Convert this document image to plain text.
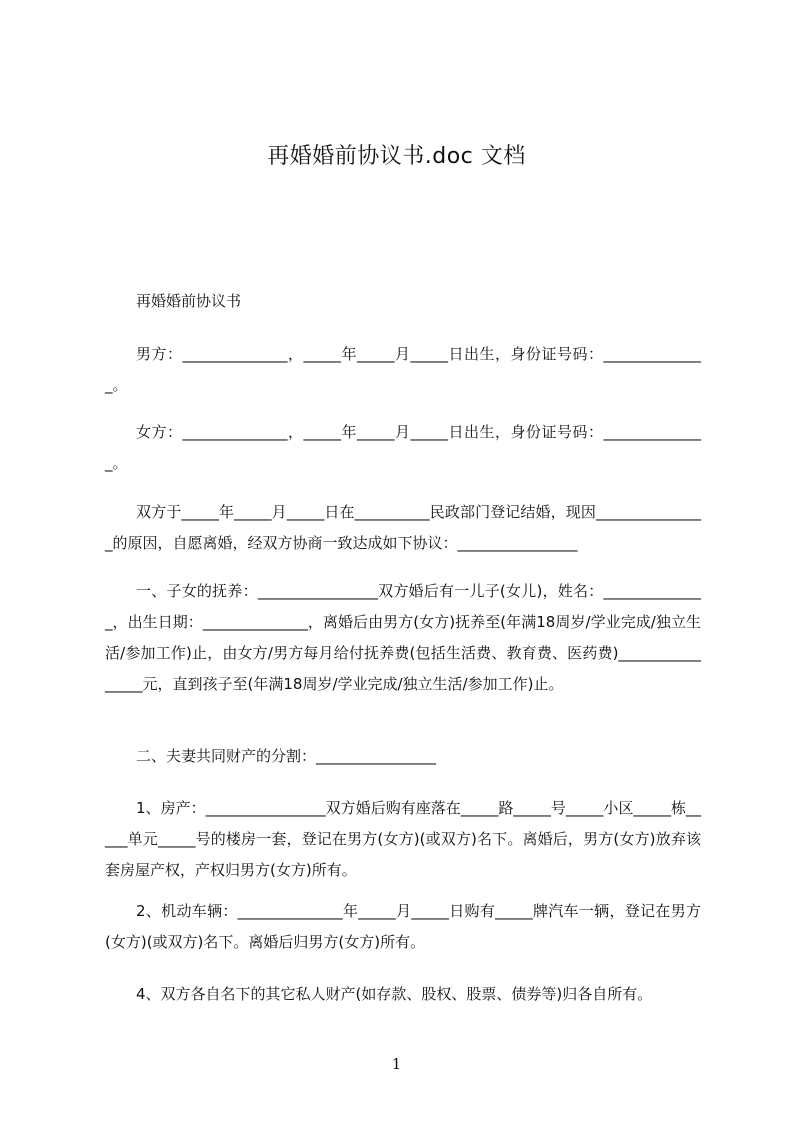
再婚婚前协议书.doc 文档

再婚婚前协议书

男方：______________，_____年_____月_____日出生，身份证号码：______________。

女方：______________，_____年_____月_____日出生，身份证号码：______________。

双方于_____年_____月_____日在__________民政部门登记结婚，现因_______________的原因，自愿离婚，经双方协商一致达成如下协议：________________

一、子女的抚养：________________双方婚后有一儿子(女儿)，姓名：______________，出生日期：______________，离婚后由男方(女方)抚养至(年满18周岁/学业完成/独立生活/参加工作)止，由女方/男方每月给付抚养费(包括生活费、教育费、医药费)________________元，直到孩子至(年满18周岁/学业完成/独立生活/参加工作)止。

二、夫妻共同财产的分割：________________

1、房产：________________双方婚后购有座落在_____路_____号_____小区_____栋_____单元_____号的楼房一套，登记在男方(女方)(或双方)名下。离婚后，男方(女方)放弃该套房屋产权，产权归男方(女方)所有。

2、机动车辆：______________年_____月_____日购有_____牌汽车一辆，登记在男方(女方)(或双方)名下。离婚后归男方(女方)所有。

4、双方各自名下的其它私人财产(如存款、股权、股票、债券等)归各自所有。

1
